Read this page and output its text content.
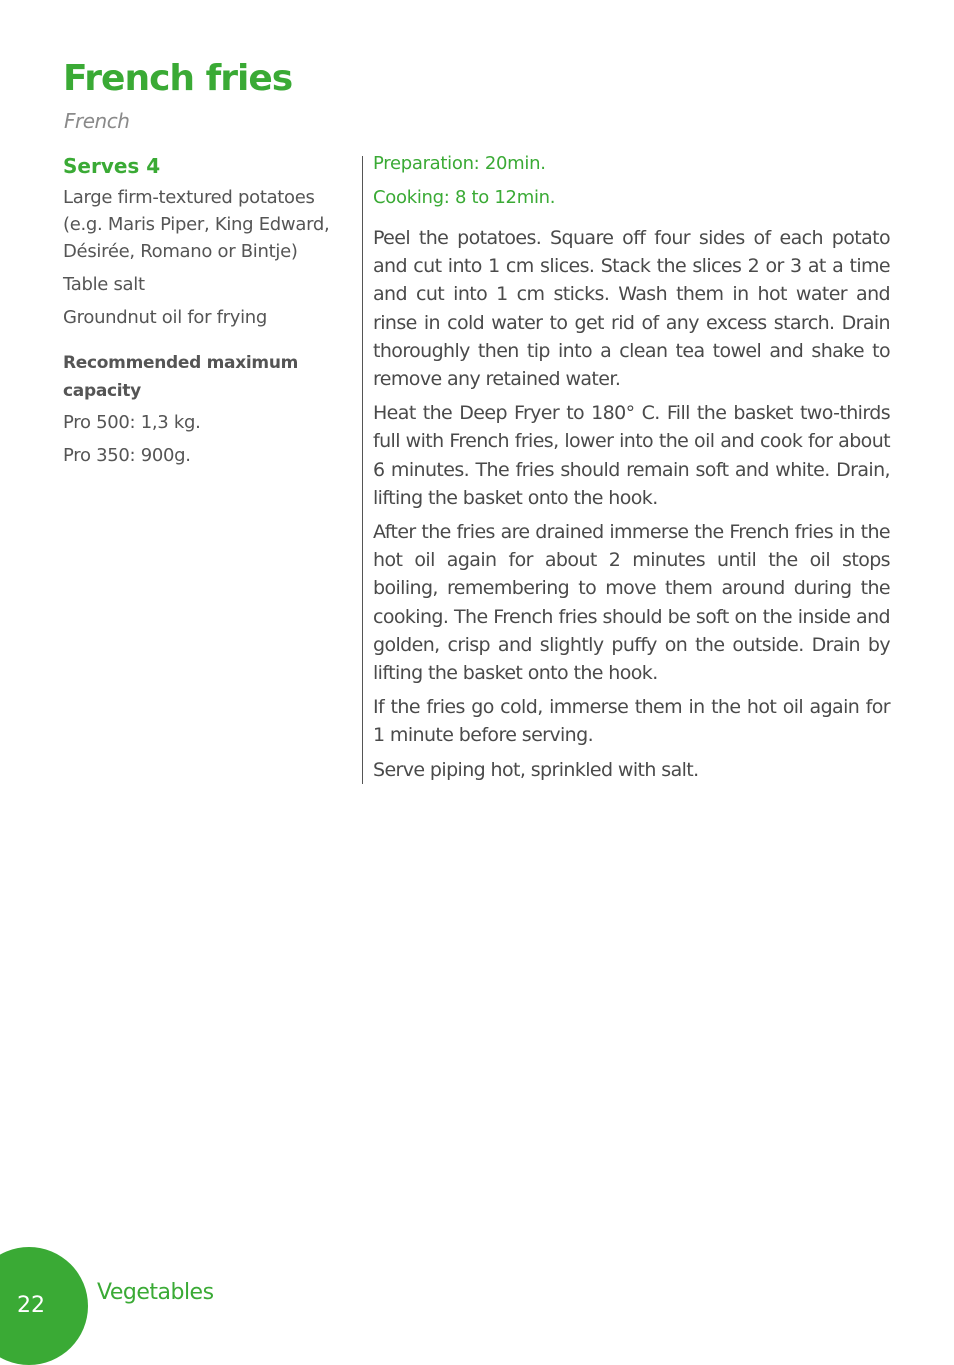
French fries
French
Serves 4
Large firm-textured potatoes (e.g. Maris Piper, King Edward, Désirée, Romano or Bintje)
Table salt
Groundnut oil for frying
Recommended maximum capacity
Pro 500: 1,3 kg.
Pro 350: 900g.
Preparation: 20min.
Cooking: 8 to 12min.
Peel the potatoes. Square off four sides of each potato and cut into 1 cm slices. Stack the slices 2 or 3 at a time and cut into 1 cm sticks. Wash them in hot water and rinse in cold water to get rid of any excess starch. Drain thoroughly then tip into a clean tea towel and shake to remove any retained water.
Heat the Deep Fryer to 180° C. Fill the basket two-thirds full with French fries, lower into the oil and cook for about 6 minutes. The fries should remain soft and white. Drain, lifting the basket onto the hook.
After the fries are drained immerse the French fries in the hot oil again for about 2 minutes until the oil stops boiling, remembering to move them around during the cooking. The French fries should be soft on the inside and golden, crisp and slightly puffy on the outside. Drain by lifting the basket onto the hook.
If the fries go cold, immerse them in the hot oil again for 1 minute before serving.
Serve piping hot, sprinkled with salt.
22
Vegetables
